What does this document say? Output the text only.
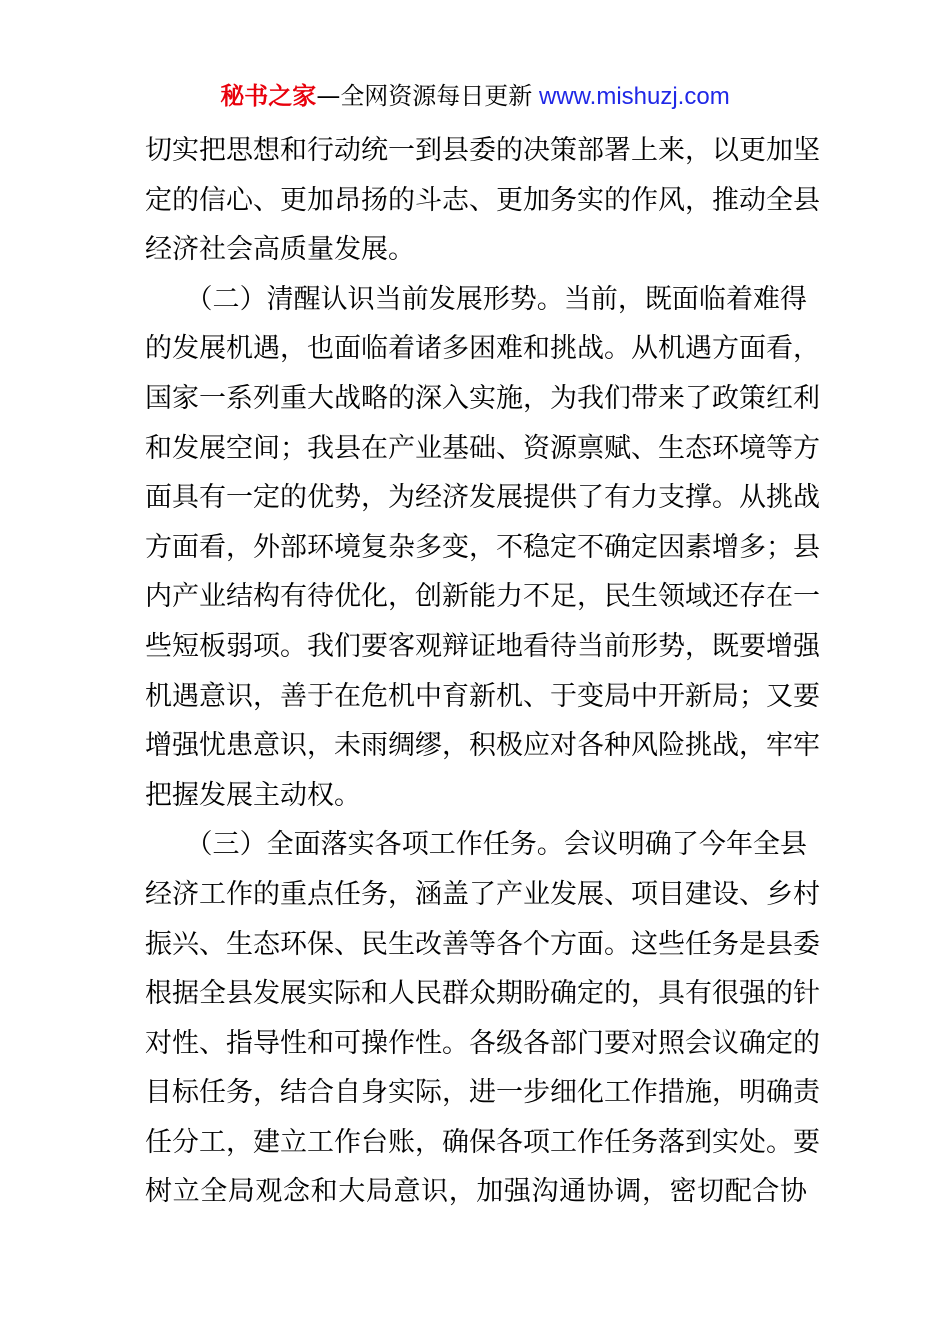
秘书之家—全网资源每日更新 www.mishuzj.com
切实把思想和行动统一到县委的决策部署上来，以更加坚
定的信心、更加昂扬的斗志、更加务实的作风，推动全县
经济社会高质量发展。
　　（二）清醒认识当前发展形势。当前，既面临着难得
的发展机遇，也面临着诸多困难和挑战。从机遇方面看，
国家一系列重大战略的深入实施，为我们带来了政策红利
和发展空间；我县在产业基础、资源禀赋、生态环境等方
面具有一定的优势，为经济发展提供了有力支撑。从挑战
方面看，外部环境复杂多变，不稳定不确定因素增多；县
内产业结构有待优化，创新能力不足，民生领域还存在一
些短板弱项。我们要客观辩证地看待当前形势，既要增强
机遇意识，善于在危机中育新机、于变局中开新局；又要
增强忧患意识，未雨绸缪，积极应对各种风险挑战，牢牢
把握发展主动权。
　　（三）全面落实各项工作任务。会议明确了今年全县
经济工作的重点任务，涵盖了产业发展、项目建设、乡村
振兴、生态环保、民生改善等各个方面。这些任务是县委
根据全县发展实际和人民群众期盼确定的，具有很强的针
对性、指导性和可操作性。各级各部门要对照会议确定的
目标任务，结合自身实际，进一步细化工作措施，明确责
任分工，建立工作台账，确保各项工作任务落到实处。要
树立全局观念和大局意识，加强沟通协调，密切配合协
